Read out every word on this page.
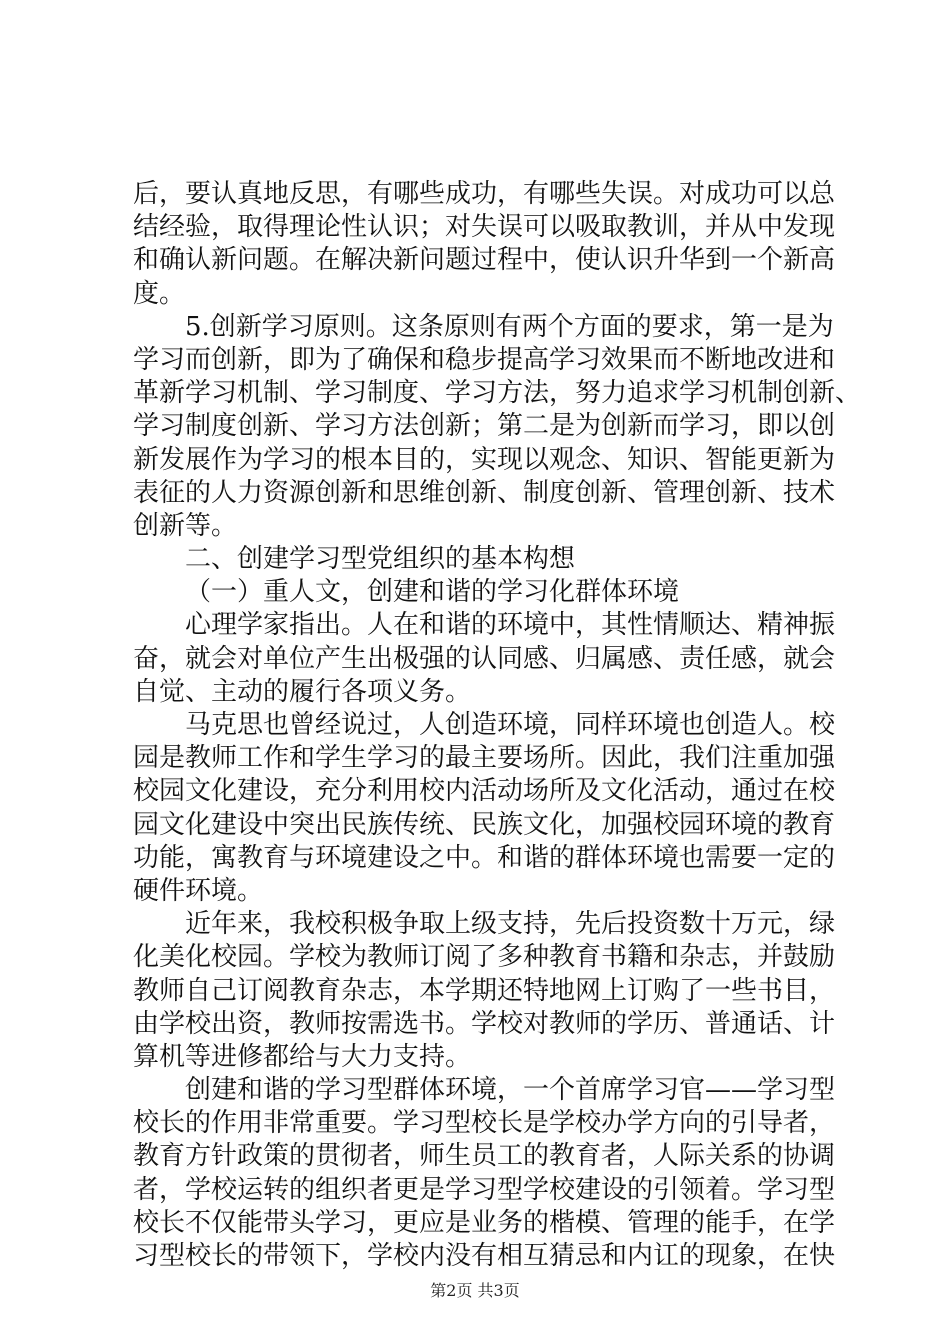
后，要认真地反思，有哪些成功，有哪些失误。对成功可以总
结经验，取得理论性认识；对失误可以吸取教训，并从中发现
和确认新问题。在解决新问题过程中，使认识升华到一个新高
度。
5.创新学习原则。这条原则有两个方面的要求，第一是为
学习而创新，即为了确保和稳步提高学习效果而不断地改进和
革新学习机制、学习制度、学习方法，努力追求学习机制创新、
学习制度创新、学习方法创新；第二是为创新而学习，即以创
新发展作为学习的根本目的，实现以观念、知识、智能更新为
表征的人力资源创新和思维创新、制度创新、管理创新、技术
创新等。
二、创建学习型党组织的基本构想
（一）重人文，创建和谐的学习化群体环境
心理学家指出。人在和谐的环境中，其性情顺达、精神振
奋，就会对单位产生出极强的认同感、归属感、责任感，就会
自觉、主动的履行各项义务。
马克思也曾经说过，人创造环境，同样环境也创造人。校
园是教师工作和学生学习的最主要场所。因此，我们注重加强
校园文化建设，充分利用校内活动场所及文化活动，通过在校
园文化建设中突出民族传统、民族文化，加强校园环境的教育
功能，寓教育与环境建设之中。和谐的群体环境也需要一定的
硬件环境。
近年来，我校积极争取上级支持，先后投资数十万元，绿
化美化校园。学校为教师订阅了多种教育书籍和杂志，并鼓励
教师自己订阅教育杂志，本学期还特地网上订购了一些书目，
由学校出资，教师按需选书。学校对教师的学历、普通话、计
算机等进修都给与大力支持。
创建和谐的学习型群体环境，一个首席学习官——学习型
校长的作用非常重要。学习型校长是学校办学方向的引导者，
教育方针政策的贯彻者，师生员工的教育者，人际关系的协调
者，学校运转的组织者更是学习型学校建设的引领着。学习型
校长不仅能带头学习，更应是业务的楷模、管理的能手，在学
习型校长的带领下，学校内没有相互猜忌和内讧的现象，在快
第2页 共3页
